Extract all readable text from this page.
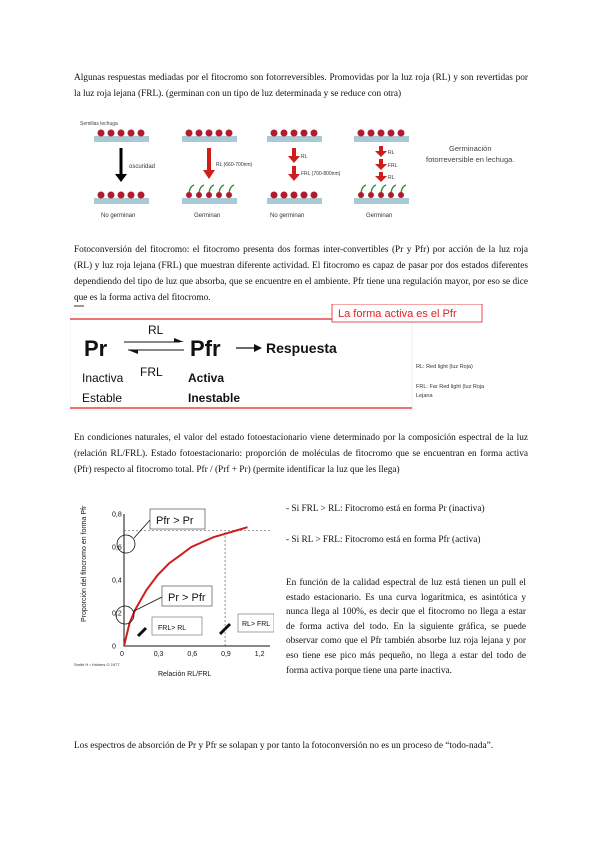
Algunas respuestas mediadas por el fitocromo son fotorreversibles. Promovidas por la luz roja (RL) y son revertidas por la luz roja lejana (FRL). (germinan con un tipo de luz determinada y se reduce con otra)

Semillas lechuga
oscuridad
No germinan
RL (660-700nm)
Germinan
RL
FRL (700-800nm)
No germinan
RL
FRL
RL
Germinan
Germinación
fotorreversible en lechuga.

Fotoconversión del fitocromo: el fitocromo presenta dos formas inter-convertibles (Pr y Pfr) por acción de la luz roja (RL) y luz roja lejana (FRL) que muestran diferente actividad. El fitocromo es capaz de pasar por dos estados diferentes dependiendo del tipo de luz que absorba, que se encuentre en el ambiente. Pfr tiene una regulación mayor, por eso se dice que es la forma activa del fitocromo.

La forma activa es el Pfr
Pr	Pfr
RL
FRL
Respuesta
Inactiva
Estable
Activa
Inestable
RL: Red light (luz Roja)
FRL: Far Red light (luz Roja
Lejana

En condiciones naturales, el valor del estado fotoestacionario viene determinado por la composición espectral de la luz (relación RL/FRL). Estado fotoestacionario: proporción de moléculas de fitocromo que se encuentran en forma activa (Pfr) respecto al fitocromo total. Pfr / (Prf + Pr) (permite identificar la luz que les llega)

0
0,2
0,4
0,6
0,8
0	0,3	0,6	0,9	1,2
Proporción del fitocromo en forma Pfr
Relación RL/FRL
Smith H • Holmes G 1977
Pfr > Pr
Pr > Pfr
FRL> RL
RL> FRL

- Si FRL > RL: Fitocromo está en forma Pr (inactiva)

- Si RL > FRL: Fitocromo está en forma Pfr (activa)

En función de la calidad espectral de luz está tienen un pull el estado estacionario. Es una curva logarítmica, es asintótica y nunca llega al 100%, es decir que el fitocromo no llega a estar de forma activa del todo. En la siguiente gráfica, se puede observar como que el Pfr también absorbe luz roja lejana y por eso tiene ese pico más pequeño, no llega a estar del todo de forma activa porque tiene una parte inactiva.

Los espectros de absorción de Pr y Pfr se solapan y por tanto la fotoconversión no es un proceso de “todo-nada”.
